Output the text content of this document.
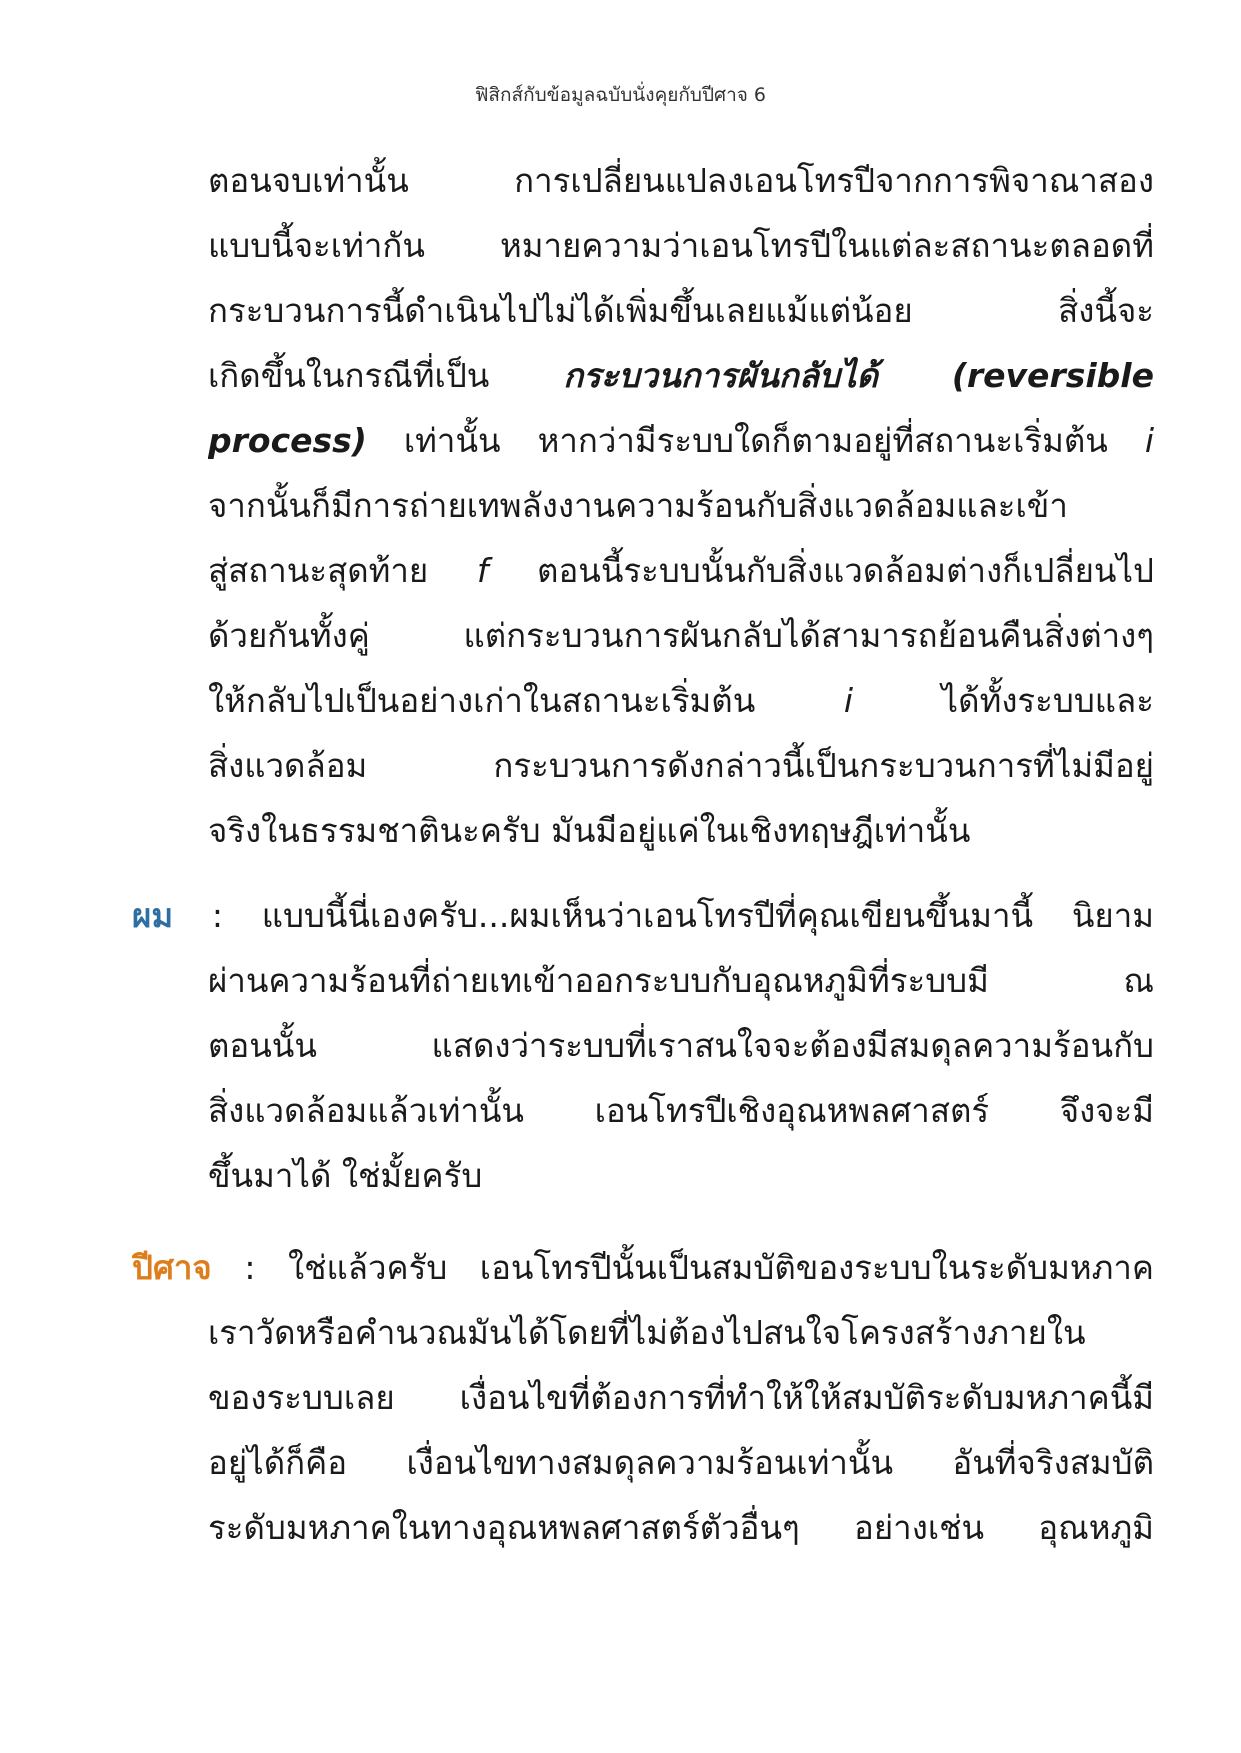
ฟิสิกส์กับข้อมูลฉบับนั่งคุยกับปีศาจ 6
ตอนจบเท่านั้น การเปลี่ยนแปลงเอนโทรปีจากการพิจาณาสอง
แบบนี้จะเท่ากัน หมายความว่าเอนโทรปีในแต่ละสถานะตลอดที่
กระบวนการนี้ดำเนินไปไม่ได้เพิ่มขึ้นเลยแม้แต่น้อย สิ่งนี้จะ
เกิดขึ้นในกรณีที่เป็น กระบวนการผันกลับได้ (reversible
process) เท่านั้น หากว่ามีระบบใดก็ตามอยู่ที่สถานะเริ่มต้น i
จากนั้นก็มีการถ่ายเทพลังงานความร้อนกับสิ่งแวดล้อมและเข้า
สู่สถานะสุดท้าย f ตอนนี้ระบบนั้นกับสิ่งแวดล้อมต่างก็เปลี่ยนไป
ด้วยกันทั้งคู่ แต่กระบวนการผันกลับได้สามารถย้อนคืนสิ่งต่างๆ
ให้กลับไปเป็นอย่างเก่าในสถานะเริ่มต้น i ได้ทั้งระบบและ
สิ่งแวดล้อม กระบวนการดังกล่าวนี้เป็นกระบวนการที่ไม่มีอยู่
จริงในธรรมชาตินะครับ มันมีอยู่แค่ในเชิงทฤษฎีเท่านั้น
ผม : แบบนี้นี่เองครับ...ผมเห็นว่าเอนโทรปีที่คุณเขียนขึ้นมานี้ นิยาม
ผ่านความร้อนที่ถ่ายเทเข้าออกระบบกับอุณหภูมิที่ระบบมี ณ
ตอนนั้น แสดงว่าระบบที่เราสนใจจะต้องมีสมดุลความร้อนกับ
สิ่งแวดล้อมแล้วเท่านั้น เอนโทรปีเชิงอุณหพลศาสตร์ จึงจะมี
ขึ้นมาได้ ใช่มั้ยครับ
ปีศาจ : ใช่แล้วครับ เอนโทรปีนั้นเป็นสมบัติของระบบในระดับมหภาค
เราวัดหรือคำนวณมันได้โดยที่ไม่ต้องไปสนใจโครงสร้างภายใน
ของระบบเลย เงื่อนไขที่ต้องการที่ทำให้ให้สมบัติระดับมหภาคนี้มี
อยู่ได้ก็คือ เงื่อนไขทางสมดุลความร้อนเท่านั้น อันที่จริงสมบัติ
ระดับมหภาคในทางอุณหพลศาสตร์ตัวอื่นๆ อย่างเช่น อุณหภูมิ
